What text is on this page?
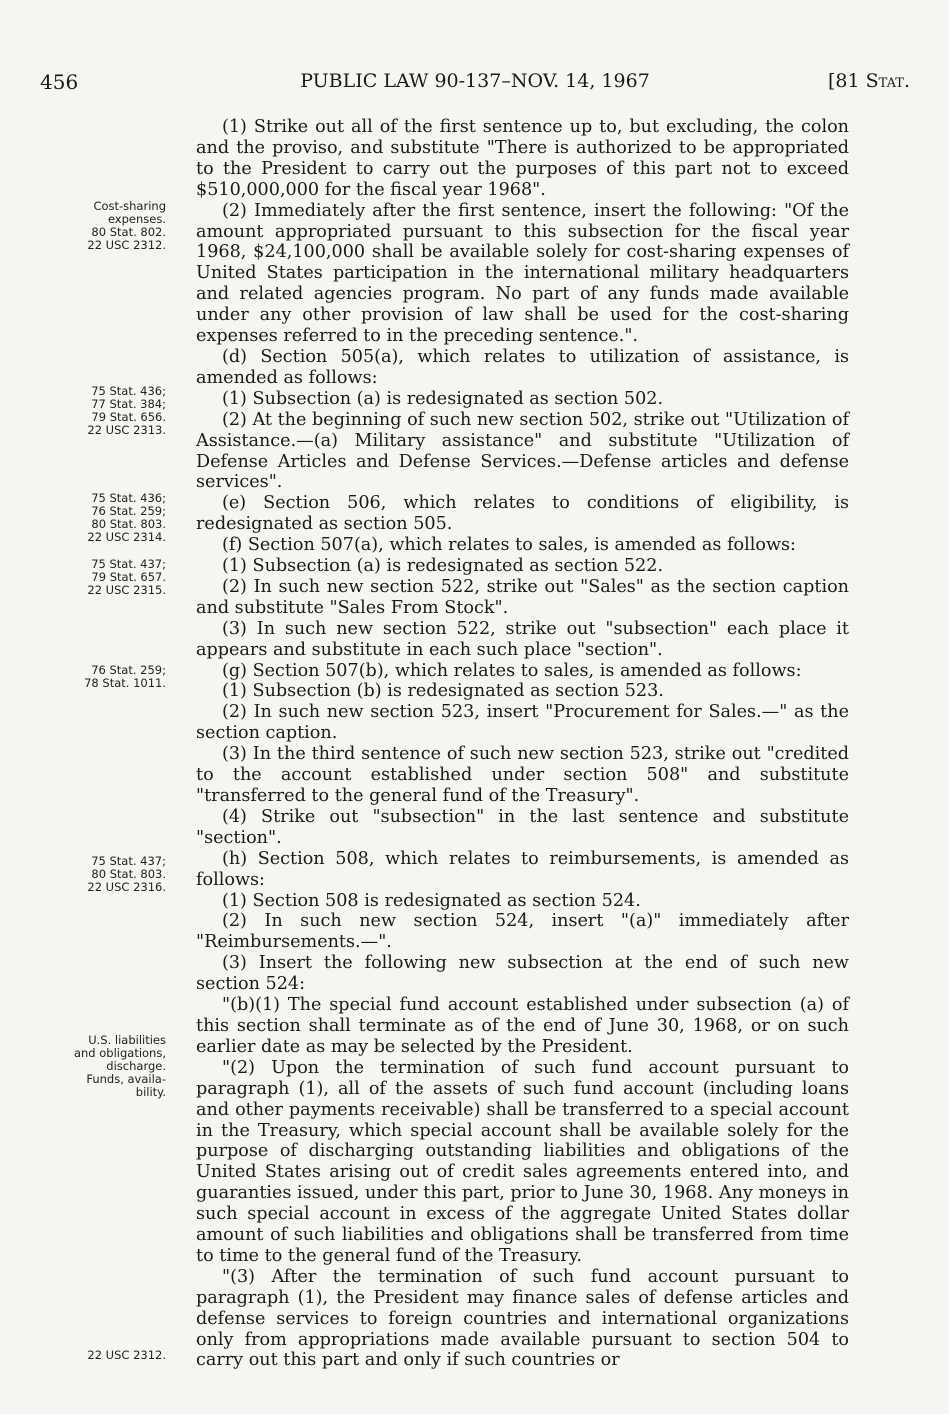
456	PUBLIC LAW 90-137–NOV. 14, 1967	[81 Stat.
Cost-sharing
expenses.
80 Stat. 802.
22 USC 2312.
75 Stat. 436;
77 Stat. 384;
79 Stat. 656.
22 USC 2313.
75 Stat. 436;
76 Stat. 259;
80 Stat. 803.
22 USC 2314.
75 Stat. 437;
79 Stat. 657.
22 USC 2315.
76 Stat. 259;
78 Stat. 1011.
75 Stat. 437;
80 Stat. 803.
22 USC 2316.
U.S. liabilities
and obligations,
discharge.
Funds, availa-
bility.
22 USC 2312.

(1) Strike out all of the first sentence up to, but excluding, the colon and the proviso, and substitute "There is authorized to be appropriated to the President to carry out the purposes of this part not to exceed $510,000,000 for the fiscal year 1968".

(2) Immediately after the first sentence, insert the following: "Of the amount appropriated pursuant to this subsection for the fiscal year 1968, $24,100,000 shall be available solely for cost-sharing expenses of United States participation in the international military headquarters and related agencies program. No part of any funds made available under any other provision of law shall be used for the cost-sharing expenses referred to in the preceding sentence.".

(d) Section 505(a), which relates to utilization of assistance, is amended as follows:

(1) Subsection (a) is redesignated as section 502.

(2) At the beginning of such new section 502, strike out "Utilization of Assistance.—(a) Military assistance" and substitute "Utilization of Defense Articles and Defense Services.—Defense articles and defense services".

(e) Section 506, which relates to conditions of eligibility, is redesignated as section 505.

(f) Section 507(a), which relates to sales, is amended as follows:

(1) Subsection (a) is redesignated as section 522.

(2) In such new section 522, strike out "Sales" as the section caption and substitute "Sales From Stock".

(3) In such new section 522, strike out "subsection" each place it appears and substitute in each such place "section".

(g) Section 507(b), which relates to sales, is amended as follows:

(1) Subsection (b) is redesignated as section 523.

(2) In such new section 523, insert "Procurement for Sales.—" as the section caption.

(3) In the third sentence of such new section 523, strike out "credited to the account established under section 508" and substitute "transferred to the general fund of the Treasury".

(4) Strike out "subsection" in the last sentence and substitute "section".

(h) Section 508, which relates to reimbursements, is amended as follows:

(1) Section 508 is redesignated as section 524.

(2) In such new section 524, insert "(a)" immediately after "Reimbursements.—".

(3) Insert the following new subsection at the end of such new section 524:

"(b)(1) The special fund account established under subsection (a) of this section shall terminate as of the end of June 30, 1968, or on such earlier date as may be selected by the President.

"(2) Upon the termination of such fund account pursuant to paragraph (1), all of the assets of such fund account (including loans and other payments receivable) shall be transferred to a special account in the Treasury, which special account shall be available solely for the purpose of discharging outstanding liabilities and obligations of the United States arising out of credit sales agreements entered into, and guaranties issued, under this part, prior to June 30, 1968. Any moneys in such special account in excess of the aggregate United States dollar amount of such liabilities and obligations shall be transferred from time to time to the general fund of the Treasury.

"(3) After the termination of such fund account pursuant to paragraph (1), the President may finance sales of defense articles and defense services to foreign countries and international organizations only from appropriations made available pursuant to section 504 to carry out this part and only if such countries or
